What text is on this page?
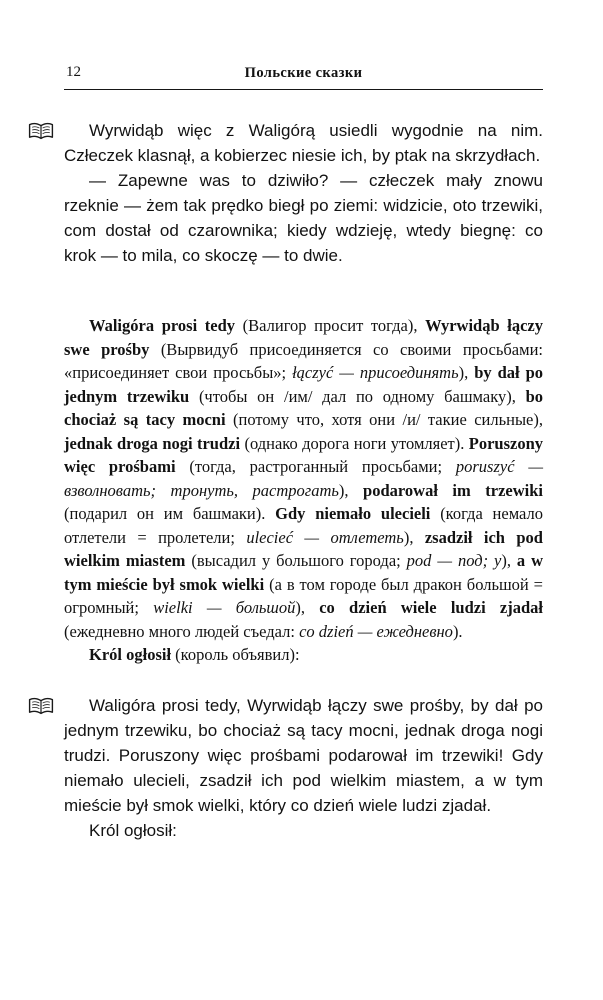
12	Польские сказки

Wyrwidąb więc z Waligórą usiedli wygodnie na nim. Człeczek klasnął, a kobierzec niesie ich, by ptak na skrzydłach.

— Zapewne was to dziwiło? — człeczek mały znowu rzeknie — żem tak prędko biegł po ziemi: widzicie, oto trzewiki, com dostał od czarownika; kiedy wdzieję, wtedy biegnę: co krok — to mila, co skoczę — to dwie.

Waligóra prosi tedy (Валигор просит тогда), Wyrwidąb łączy swe prośby (Вырвидуб присоединяется со своими просьбами: «присоединяет свои просьбы»; łączyć — присоединять), by dał po jednym trzewiku (чтобы он /им/ дал по одному башмаку), bo chociaż są tacy mocni (потому что, хотя они /и/ такие сильные), jednak droga nogi trudzi (однако дорога ноги утомляет). Poruszony więc prośbami (тогда, растроганный просьбами; poruszyć — взволновать; тронуть, растрогать), podarował im trzewiki (подарил он им башмаки). Gdy niemało ulecieli (когда немало отлетели = пролетели; ulecieć — отлететь), zsadził ich pod wielkim miastem (высадил у большого города; pod — под; у), a w tym mieście był smok wielki (а в том городе был дракон большой = огромный; wielki — большой), co dzień wiele ludzi zjadał (ежедневно много людей съедал: co dzień — ежедневно).

Król ogłosił (король объявил):

Waligóra prosi tedy, Wyrwidąb łączy swe prośby, by dał po jednym trzewiku, bo chociaż są tacy mocni, jednak droga nogi trudzi. Poruszony więc prośbami podarował im trzewiki! Gdy niemało ulecieli, zsadził ich pod wielkim miastem, a w tym mieście był smok wielki, który co dzień wiele ludzi zjadał.

Król ogłosił:
